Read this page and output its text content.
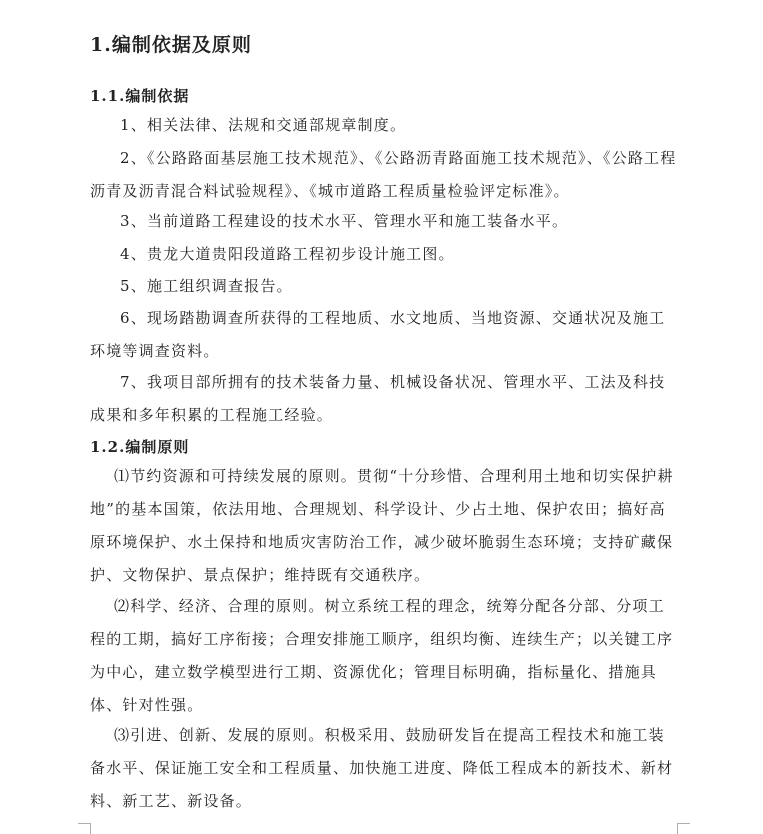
1.编制依据及原则
1.1.编制依据
1、相关法律、法规和交通部规章制度。
2、《公路路面基层施工技术规范》、《公路沥青路面施工技术规范》、《公路工程沥青及沥青混合料试验规程》、《城市道路工程质量检验评定标准》。
3、当前道路工程建设的技术水平、管理水平和施工装备水平。
4、贵龙大道贵阳段道路工程初步设计施工图。
5、施工组织调查报告。
6、现场踏勘调查所获得的工程地质、水文地质、当地资源、交通状况及施工环境等调查资料。
7、我项目部所拥有的技术装备力量、机械设备状况、管理水平、工法及科技成果和多年积累的工程施工经验。
1.2.编制原则
⑴节约资源和可持续发展的原则。贯彻“十分珍惜、合理利用土地和切实保护耕地”的基本国策，依法用地、合理规划、科学设计、少占土地、保护农田；搞好高原环境保护、水土保持和地质灾害防治工作，减少破坏脆弱生态环境；支持矿藏保护、文物保护、景点保护；维持既有交通秩序。
⑵科学、经济、合理的原则。树立系统工程的理念，统筹分配各分部、分项工程的工期，搞好工序衔接；合理安排施工顺序，组织均衡、连续生产；以关键工序为中心，建立数学模型进行工期、资源优化；管理目标明确，指标量化、措施具体、针对性强。
⑶引进、创新、发展的原则。积极采用、鼓励研发旨在提高工程技术和施工装备水平、保证施工安全和工程质量、加快施工进度、降低工程成本的新技术、新材料、新工艺、新设备。
